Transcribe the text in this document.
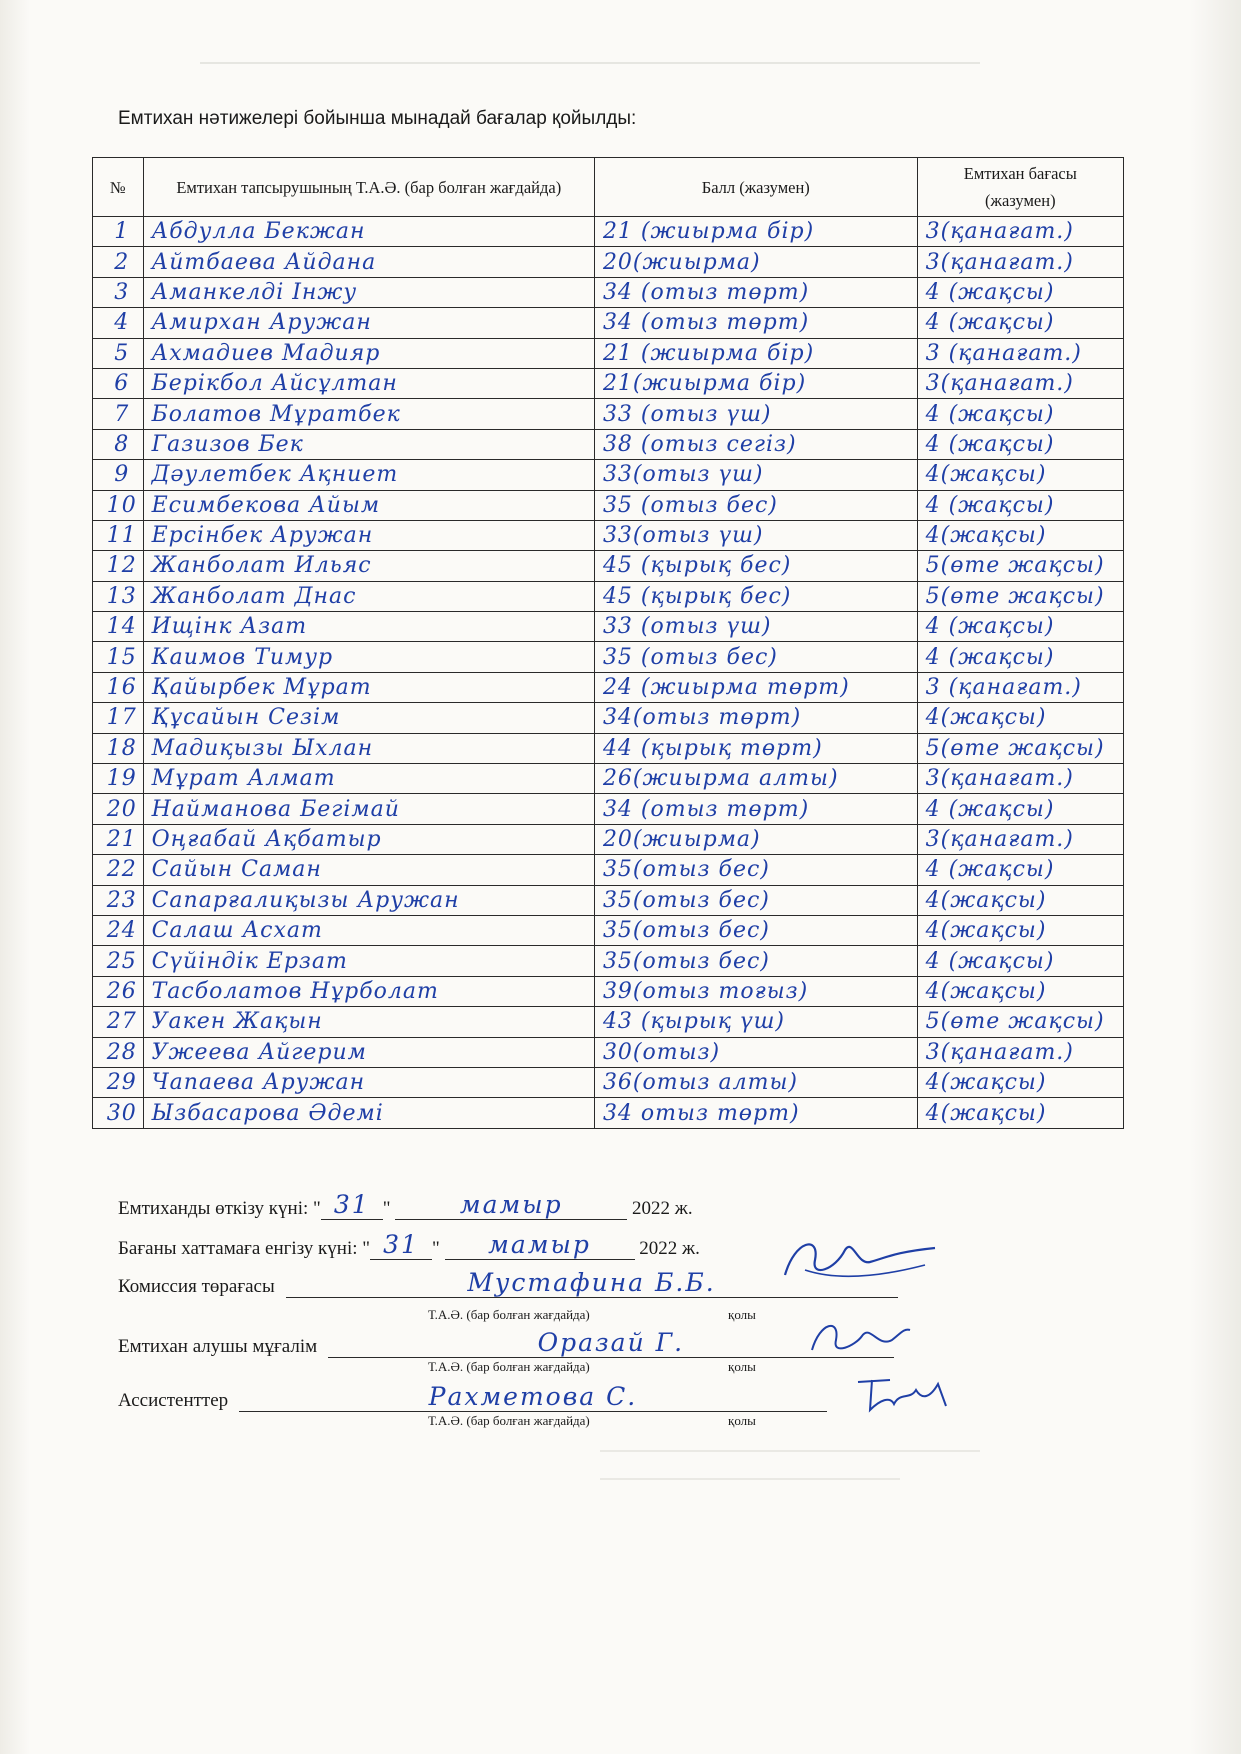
Емтихан нәтижелері бойынша мынадай бағалар қойылды:
№	Емтихан тапсырушының Т.А.Ә. (бар болған жағдайда)	Балл (жазумен)	Емтихан бағасы (жазумен)
1	Абдулла Бекжан	21 (жиырма бір)	3(қанағат.)
2	Айтбаева Айдана	20(жиырма)	3(қанағат.)
3	Аманкелді Інжу	34 (отыз төрт)	4 (жақсы)
4	Амирхан Аружан	34 (отыз төрт)	4 (жақсы)
5	Ахмадиев Мадияр	21 (жиырма бір)	3 (қанағат.)
6	Берікбол Айсұлтан	21(жиырма бір)	3(қанағат.)
7	Болатов Мұратбек	33 (отыз үш)	4 (жақсы)
8	Газизов Бек	38 (отыз сегіз)	4 (жақсы)
9	Дәулетбек Ақниет	33(отыз үш)	4(жақсы)
10	Есимбекова Айым	35 (отыз бес)	4 (жақсы)
11	Ерсінбек Аружан	33(отыз үш)	4(жақсы)
12	Жанболат Ильяс	45 (қырық бес)	5(өте жақсы)
13	Жанболат Днас	45 (қырық бес)	5(өте жақсы)
14	Ищінк Азат	33 (отыз үш)	4 (жақсы)
15	Каимов Тимур	35 (отыз бес)	4 (жақсы)
16	Қайырбек Мұрат	24 (жиырма төрт)	3 (қанағат.)
17	Құсайын Сезім	34(отыз төрт)	4(жақсы)
18	Мадиқызы Ыхлан	44 (қырық төрт)	5(өте жақсы)
19	Мұрат Алмат	26(жиырма алты)	3(қанағат.)
20	Найманова Бегімай	34 (отыз төрт)	4 (жақсы)
21	Оңғабай Ақбатыр	20(жиырма)	3(қанағат.)
22	Сайын Саман	35(отыз бес)	4 (жақсы)
23	Сапарғалиқызы Аружан	35(отыз бес)	4(жақсы)
24	Салаш Асхат	35(отыз бес)	4(жақсы)
25	Сүйіндік Ерзат	35(отыз бес)	4 (жақсы)
26	Тасболатов Нұрболат	39(отыз тоғыз)	4(жақсы)
27	Уакен Жақын	43 (қырық үш)	5(өте жақсы)
28	Ужеева Айгерим	30(отыз)	3(қанағат.)
29	Чапаева Аружан	36(отыз алты)	4(жақсы)
30	Ызбасарова Әдемі	34 отыз төрт)	4(жақсы)
Емтиханды өткізу күні: " 31 "	мамыр	2022 ж.
Бағаны хаттамаға енгізу күні: " 31 " мамыр	2022 ж.
Комиссия төрағасы	Мустафина Б.Б.
Т.А.Ә. (бар болған жағдайда)	қолы
Емтихан алушы мұғалім	Оразай Г.
Т.А.Ә. (бар болған жағдайда)	қолы
Ассистенттер	Рахметова С.
Т.А.Ә. (бар болған жағдайда)	қолы
